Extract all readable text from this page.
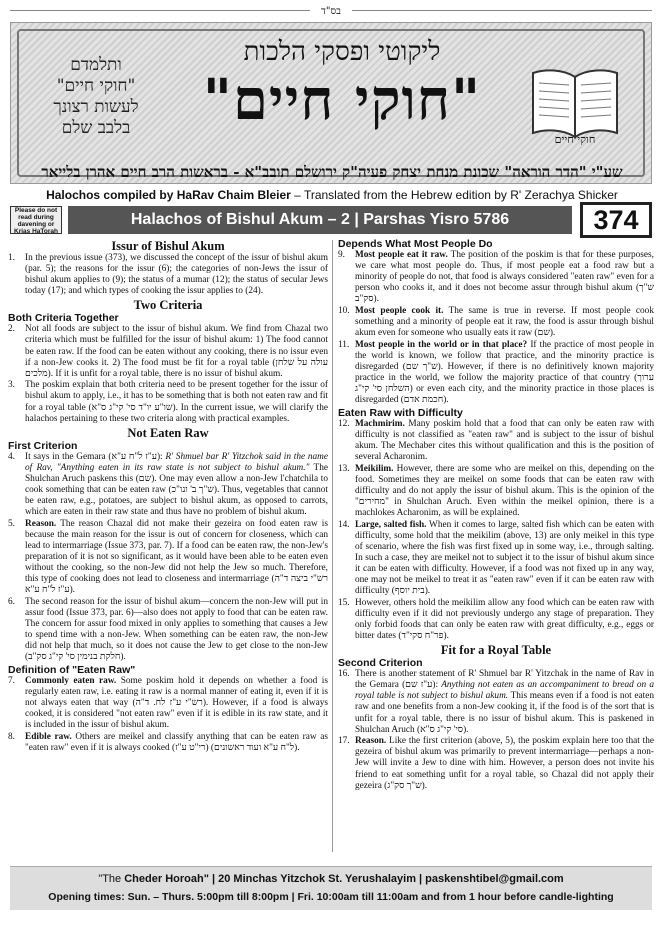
בס"ד
ליקוטי ופסקי הלכות
"חוקי חיים"
ותלמדם
"חוקי חיים"
לעשות רצונך
בלבב שלם
חוקי חיים
שע"י "הדר הוראה" שכונת מנחת יצחק פעיה"ק ירושלם תובב"א - בראשות הרב חיים אהרן בלייאר
Halochos compiled by HaRav Chaim Bleier – Translated from the Hebrew edition by R' Zerachya Shicker
Please do not read during davening or Krias HaTorah
Halachos of Bishul Akum – 2 | Parshas Yisro 5786	374
Issur of Bishul Akum
1.	In the previous issue (373), we discussed the concept of the issur of bishul akum (par. 5); the reasons for the issur (6); the categories of non-Jews the issur of bishul akum applies to (9); the status of a mumar (12); the status of secular Jews today (17); and which types of cooking the issur applies to (24).
Two Criteria
Both Criteria Together
2.	Not all foods are subject to the issur of bishul akum. We find from Chazal two criteria which must be fulfilled for the issur of bishul akum: 1) The food cannot be eaten raw. If the food can be eaten without any cooking, there is no issur even if a non-Jew cooks it. 2) The food must be fit for a royal table (עולה על שלחן מלכים). If it is unfit for a royal table, there is no issur of bishul akum.
3.	The poskim explain that both criteria need to be present together for the issur of bishul akum to apply, i.e., it has to be something that is both not eaten raw and fit for a royal table (שו"ע יו"ד סי' קי"ג ס"א). In the current issue, we will clarify the halachos pertaining to these two criteria along with practical examples.
Not Eaten Raw
First Criterion
4.	It says in the Gemara (ע"ז ל"ח ע"א): R' Shmuel bar R' Yitzchok said in the name of Rav, "Anything eaten in its raw state is not subject to bishul akum." The Shulchan Aruch paskens this (שם). One may even allow a non-Jew l'chatchila to cook something that can be eaten raw (ש"ך ב' ונו"כ). Thus, vegetables that cannot be eaten raw, e.g., potatoes, are subject to bishul akum, as opposed to carrots, which are eaten in their raw state and thus have no problem of bishul akum.
5.	Reason. The reason Chazal did not make their gezeira on food eaten raw is because the main reason for the issur is out of concern for closeness, which can lead to intermarriage (Issue 373, par. 7). If a food can be eaten raw, the non-Jew's preparation of it is not so significant, as it would have been able to be eaten even without the cooking, so the non-Jew did not help the Jew so much. Therefore, this type of cooking does not lead to closeness and intermarriage (רש"י ביצה ד"ה ע"ז ל"ח ע"א).
6.	The second reason for the issur of bishul akum—concern the non-Jew will put in assur food (Issue 373, par. 6)—also does not apply to food that can be eaten raw. The concern for assur food mixed in only applies to something that causes a Jew to spend time with a non-Jew. When something can be eaten raw, the non-Jew did not help that much, so it does not cause the Jew to get close to the non-Jew (חלקת בנימין סי' קי"ג סק"ב).
Definition of "Eaten Raw"
7.	Commonly eaten raw. Some poskim hold it depends on whether a food is regularly eaten raw, i.e. eating it raw is a normal manner of eating it, even if it is not always eaten that way (רש"י ע"ז לח. ד"ה). However, if a food is always cooked, it is considered "not eaten raw" even if it is edible in its raw state, and it is included in the issur of bishul akum.
8.	Edible raw. Others are meikel and classify anything that can be eaten raw as "eaten raw" even if it is always cooked (רי"ט ע"ז) (ל"ח ע"א ועוד ראשונים).
Depends What Most People Do
9.	Most people eat it raw. The position of the poskim is that for these purposes, we care what most people do. Thus, if most people eat a food raw but a minority of people do not, that food is always considered "eaten raw" even for a person who cooks it, and it does not become assur through bishul akum (ש"ך סק"ב).
10. Most people cook it. The same is true in reverse. If most people cook something and a minority of people eat it raw, the food is assur through bishul akum even for someone who usually eats it raw (שם).
11. Most people in the world or in that place? If the practice of most people in the world is known, we follow that practice, and the minority practice is disregarded (ש"ך שם). However, if there is no definitively known majority practice in the world, we follow the majority practice of that country (ערוך השלחן סי' קי"ג) or even each city, and the minority practice in those places is disregarded (חכמת אדם).
Eaten Raw with Difficulty
12. Machmirim. Many poskim hold that a food that can only be eaten raw with difficulty is not classified as "eaten raw" and is subject to the issur of bishul akum. The Mechaber cites this without qualification and this is the position of several Acharonim.
13. Meikilim. However, there are some who are meikel on this, depending on the food. Sometimes they are meikel on some foods that can be eaten raw with difficulty and do not apply the issur of bishul akum. This is the opinion of the "מחירים" in Shulchan Aruch. Even within the meikel opinion, there is a machlokes Acharonim, as will be explained.
14. Large, salted fish. When it comes to large, salted fish which can be eaten with difficulty, some hold that the meikilim (above, 13) are only meikel in this type of scenario, where the fish was first fixed up in some way, i.e., through salting. In such a case, they are meikel not to subject it to the issur of bishul akum since it can be eaten with difficulty. However, if a food was not fixed up in any way, one may not be meikel to treat it as "eaten raw" even if it can be eaten raw with difficulty (בית יוסף).
15. However, others hold the meikilim allow any food which can be eaten raw with difficulty even if it did not previously undergo any stage of preparation. They only forbid foods that can only be eaten raw with great difficulty, e.g., eggs or bitter dates (פר"ח סקי"ד).
Fit for a Royal Table
Second Criterion
16. There is another statement of R' Shmuel bar R' Yitzchak in the name of Rav in the Gemara (ע"ז שם): Anything not eaten as an accompaniment to bread on a royal table is not subject to bishul akum. This means even if a food is not eaten raw and one benefits from a non-Jew cooking it, if the food is of the sort that is unfit for a royal table, there is no issur of bishul akum. This is paskened in Shulchan Aruch (סי' קי"ג ס"א).
17. Reason. Like the first criterion (above, 5), the poskim explain here too that the gezeira of bishul akum was primarily to prevent intermarriage—perhaps a non-Jew will invite a Jew to dine with him. However, a person does not invite his friend to eat something unfit for a royal table, so Chazal did not apply their gezeira (ש"ך סק"ג).
"The Cheder Horoah" | 20 Minchas Yitzchok St. Yerushalayim | paskenshtibel@gmail.com
Opening times: Sun. – Thurs. 5:00pm till 8:00pm | Fri. 10:00am till 11:00am and from 1 hour before candle-lighting
